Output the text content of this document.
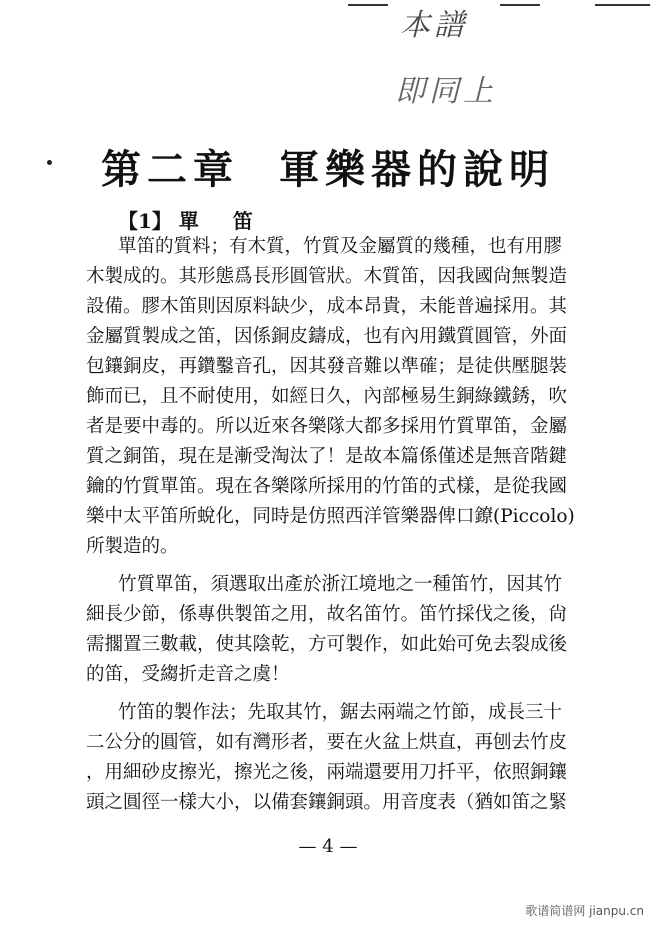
本譜
即同上
第二章 軍樂器的說明
【1】 單 笛
單笛的質料；有木質，竹質及金屬質的幾種，也有用膠
木製成的。其形態爲長形圓管狀。木質笛，因我國尙無製造
設備。膠木笛則因原料缺少，成本昂貴，未能普遍採用。其
金屬質製成之笛，因係銅皮鑄成，也有內用鐵質圓管，外面
包鑲銅皮，再鑽鑿音孔，因其發音難以準確；是徒供壓腿裝
飾而已，且不耐使用，如經日久，內部極易生銅綠鐵銹，吹
者是要中毒的。所以近來各樂隊大都多採用竹質單笛，金屬
質之銅笛，現在是漸受淘汰了！是故本篇係僅述是無音階鍵
鑰的竹質單笛。現在各樂隊所採用的竹笛的式樣，是從我國
樂中太平笛所蛻化，同時是仿照西洋管樂器俾口鐐(Piccolo)
所製造的。
竹質單笛，須選取出產於浙江境地之一種笛竹，因其竹
細長少節，係專供製笛之用，故名笛竹。笛竹採伐之後，尙
需擱置三數載，使其陰乾，方可製作，如此始可免去裂成後
的笛，受縐折走音之虞！
竹笛的製作法；先取其竹，鋸去兩端之竹節，成長三十
二公分的圓管，如有灣形者，要在火盆上烘直，再刨去竹皮
，用細砂皮擦光，擦光之後，兩端還要用刀扦平，依照銅鑲
頭之圓徑一樣大小，以備套鑲銅頭。用音度表（猶如笛之緊
— 4 —
歌谱简谱网 jianpu.cn
